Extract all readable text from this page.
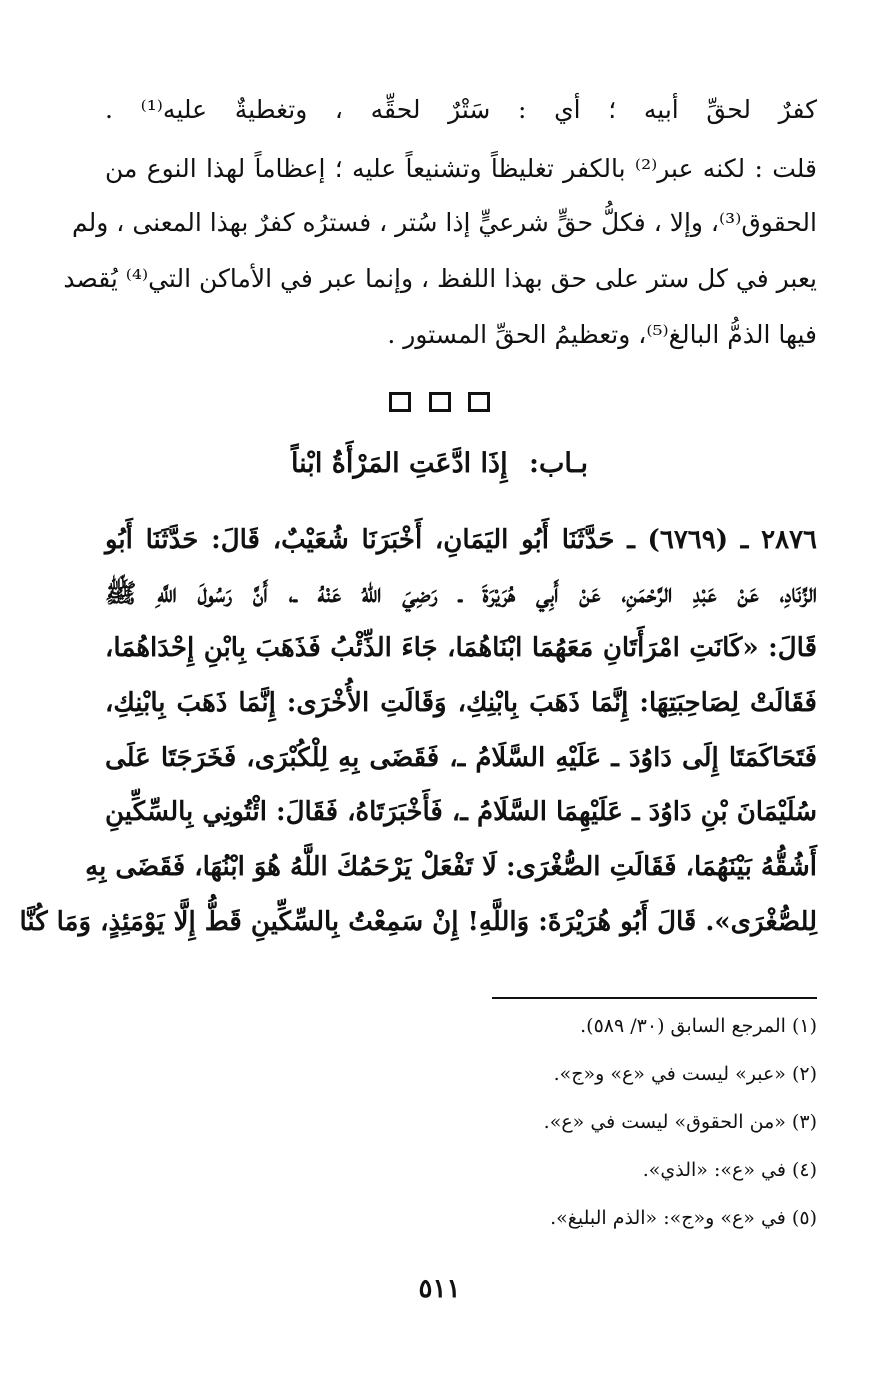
كفرٌ لحقِّ أبيه ؛ أي : سَتْرٌ لحقِّه ، وتغطيةٌ عليه⁽¹⁾ .
قلت : لكنه عبر⁽²⁾ بالكفر تغليظاً وتشنيعاً عليه ؛ إعظاماً لهذا النوع من
الحقوق⁽³⁾، وإلا ، فكلُّ حقٍّ شرعيٍّ إذا سُتر ، فسترُه كفرٌ بهذا المعنى ، ولم
يعبر في كل ستر على حق بهذا اللفظ ، وإنما عبر في الأماكن التي⁽⁴⁾ يُقصد
فيها الذمُّ البالغ⁽⁵⁾، وتعظيمُ الحقِّ المستور .

بـاب: إِذَا ادَّعَتِ المَرْأَةُ ابْناً
٢٨٧٦ ـ (٦٧٦٩) ـ حَدَّثَنَا أَبُو اليَمَانِ، أَخْبَرَنَا شُعَيْبٌ، قَالَ: حَدَّثَنَا أَبُو
الزِّنَادِ، عَنْ عَبْدِ الرَّحْمَنِ، عَنْ أَبِي هُرَيْرَةَ ـ رَضِيَ اللهُ عَنْهُ ـ، أَنَّ رَسُولَ اللَّهِ ﷺ
قَالَ: «كَانَتِ امْرَأَتَانِ مَعَهُمَا ابْنَاهُمَا، جَاءَ الذِّئْبُ فَذَهَبَ بِابْنِ إِحْدَاهُمَا،
فَقَالَتْ لِصَاحِبَتِهَا: إِنَّمَا ذَهَبَ بِابْنِكِ، وَقَالَتِ الأُخْرَى: إِنَّمَا ذَهَبَ بِابْنِكِ،
فَتَحَاكَمَتَا إِلَى دَاوُدَ ـ عَلَيْهِ السَّلَامُ ـ، فَقَضَى بِهِ لِلْكُبْرَى، فَخَرَجَتَا عَلَى
سُلَيْمَانَ بْنِ دَاوُدَ ـ عَلَيْهِمَا السَّلَامُ ـ، فَأَخْبَرَتَاهُ، فَقَالَ: ائْتُونِي بِالسِّكِّينِ
أَشُقُّهُ بَيْنَهُمَا، فَقَالَتِ الصُّغْرَى: لَا تَفْعَلْ يَرْحَمُكَ اللَّهُ هُوَ ابْنُهَا، فَقَضَى بِهِ
لِلصُّغْرَى». قَالَ أَبُو هُرَيْرَةَ: وَاللَّهِ! إِنْ سَمِعْتُ بِالسِّكِّينِ قَطُّ إِلَّا يَوْمَئِذٍ، وَمَا كُنَّا
(١) المرجع السابق (٣٠/ ٥٨٩).
(٢) «عبر» ليست في «ع» و«ج».
(٣) «من الحقوق» ليست في «ع».
(٤) في «ع»: «الذي».
(٥) في «ع» و«ج»: «الذم البليغ».
٥١١
